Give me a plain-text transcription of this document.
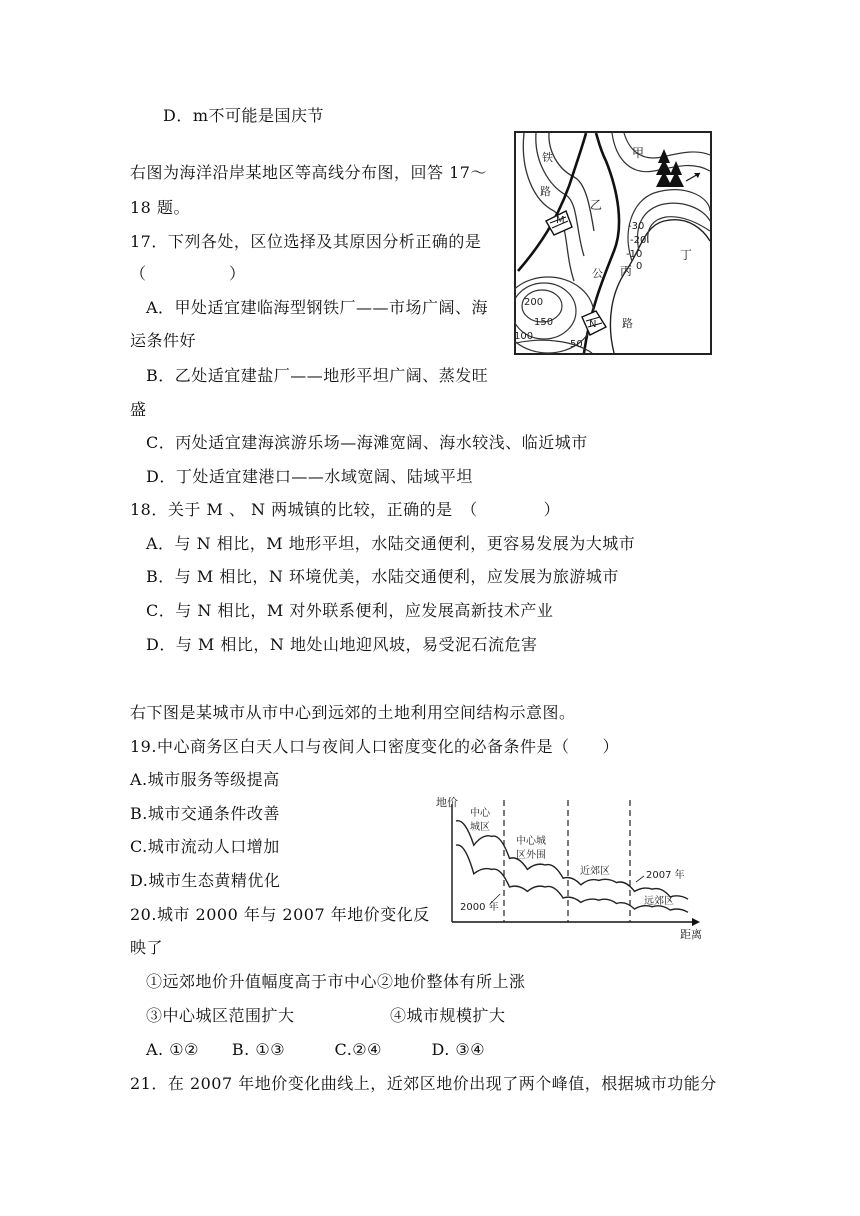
D．m不可能是国庆节
右图为海洋沿岸某地区等高线分布图，回答 17～
18 题。
17．下列各处，区位选择及其原因分析正确的是
（　　　　　）
A．甲处适宜建临海型钢铁厂——市场广阔、海
运条件好
B．乙处适宜建盐厂——地形平坦广阔、蒸发旺
盛
C．丙处适宜建海滨游乐场—海滩宽阔、海水较浅、临近城市
D．丁处适宜建港口——水域宽阔、陆域平坦
18．关于 M 、 N 两城镇的比较，正确的是　（　　　　）
A．与 N 相比，M 地形平坦，水陆交通便利，更容易发展为大城市
B．与 M 相比，N 环境优美，水陆交通便利，应发展为旅游城市
C．与 N 相比，M 对外联系便利，应发展高新技术产业
D．与 M 相比，N 地处山地迎风坡，易受泥石流危害
右下图是某城市从市中心到远郊的土地利用空间结构示意图。
19.中心商务区白天人口与夜间人口密度变化的必备条件是（　　）
A.城市服务等级提高
B.城市交通条件改善
C.城市流动人口增加
D.城市生态黄精优化
20.城市 2000 年与 2007 年地价变化反
映了
①远郊地价升值幅度高于市中心②地价整体有所上涨
③中心城区范围扩大	④城市规模扩大
A. ①②　　B. ①③　　　C.②④　　　D. ③④
21．在 2007 年地价变化曲线上，近郊区地价出现了两个峰值，根据城市功能分
铁
路
甲
乙
公 丙
丁
路
M
N
-30
-20
-10
0
200
150
100
50
地价
距离
中心
城区
中心城
区外围
近郊区
远郊区
2007 年
2000 年
